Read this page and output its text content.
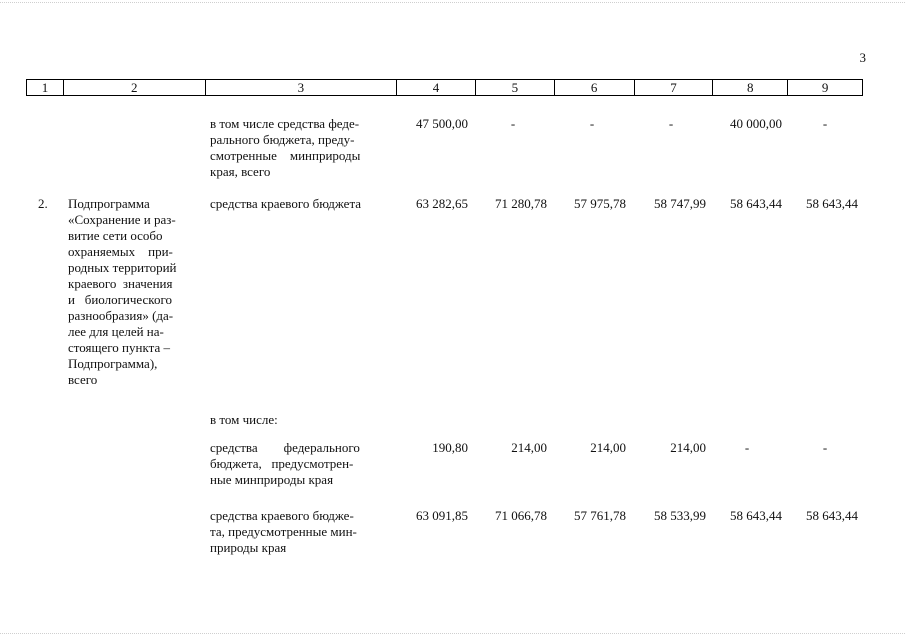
3
1	2	3	4	5	6	7	8	9
в том числе средства феде-
рального бюджета, преду-
смотренные    минприроды
края, всего
47 500,00	-	-	-	40 000,00	-
2.	Подпрограмма
«Сохранение и раз-
витие сети особо
охраняемых    при-
родных территорий
краевого  значения
и   биологического
разнообразия» (да-
лее для целей на-
стоящего пункта –
Подпрограмма),
всего
средства краевого бюджета	63 282,65	71 280,78	57 975,78	58 747,99	58 643,44	58 643,44
в том числе:
средства        федерального
бюджета,   предусмотрен-
ные минприроды края
190,80	214,00	214,00	214,00	-	-
средства краевого бюдже-
та, предусмотренные мин-
природы края
63 091,85	71 066,78	57 761,78	58 533,99	58 643,44	58 643,44
